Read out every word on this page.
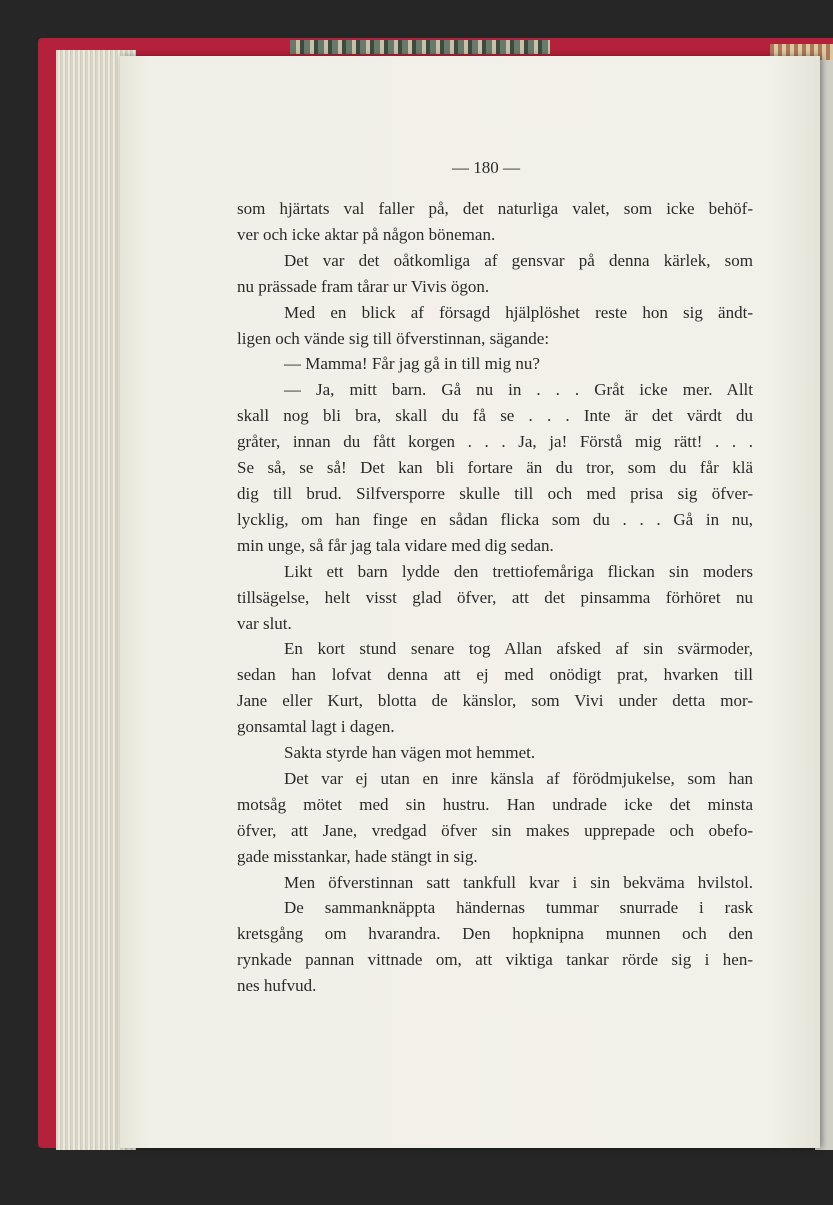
— 180 —
som hjärtats val faller på, det naturliga valet, som icke behöf-
ver och icke aktar på någon böneman.
Det var det oåtkomliga af gensvar på denna kärlek, som
nu prässade fram tårar ur Vivis ögon.
Med en blick af försagd hjälplöshet reste hon sig ändt-
ligen och vände sig till öfverstinnan, sägande:
— Mamma! Får jag gå in till mig nu?
— Ja, mitt barn. Gå nu in . . . Gråt icke mer. Allt
skall nog bli bra, skall du få se . . . Inte är det värdt du
gråter, innan du fått korgen . . . Ja, ja! Förstå mig rätt! . . .
Se så, se så! Det kan bli fortare än du tror, som du får klä
dig till brud. Silfversporre skulle till och med prisa sig öfver-
lycklig, om han finge en sådan flicka som du . . . Gå in nu,
min unge, så får jag tala vidare med dig sedan.
Likt ett barn lydde den trettiofemåriga flickan sin moders
tillsägelse, helt visst glad öfver, att det pinsamma förhöret nu
var slut.
En kort stund senare tog Allan afsked af sin svärmoder,
sedan han lofvat denna att ej med onödigt prat, hvarken till
Jane eller Kurt, blotta de känslor, som Vivi under detta mor-
gonsamtal lagt i dagen.
Sakta styrde han vägen mot hemmet.
Det var ej utan en inre känsla af förödmjukelse, som han
motsåg mötet med sin hustru. Han undrade icke det minsta
öfver, att Jane, vredgad öfver sin makes upprepade och obefo-
gade misstankar, hade stängt in sig.
Men öfverstinnan satt tankfull kvar i sin bekväma hvilstol.
De sammanknäppta händernas tummar snurrade i rask
kretsgång om hvarandra. Den hopknipna munnen och den
rynkade pannan vittnade om, att viktiga tankar rörde sig i hen-
nes hufvud.
